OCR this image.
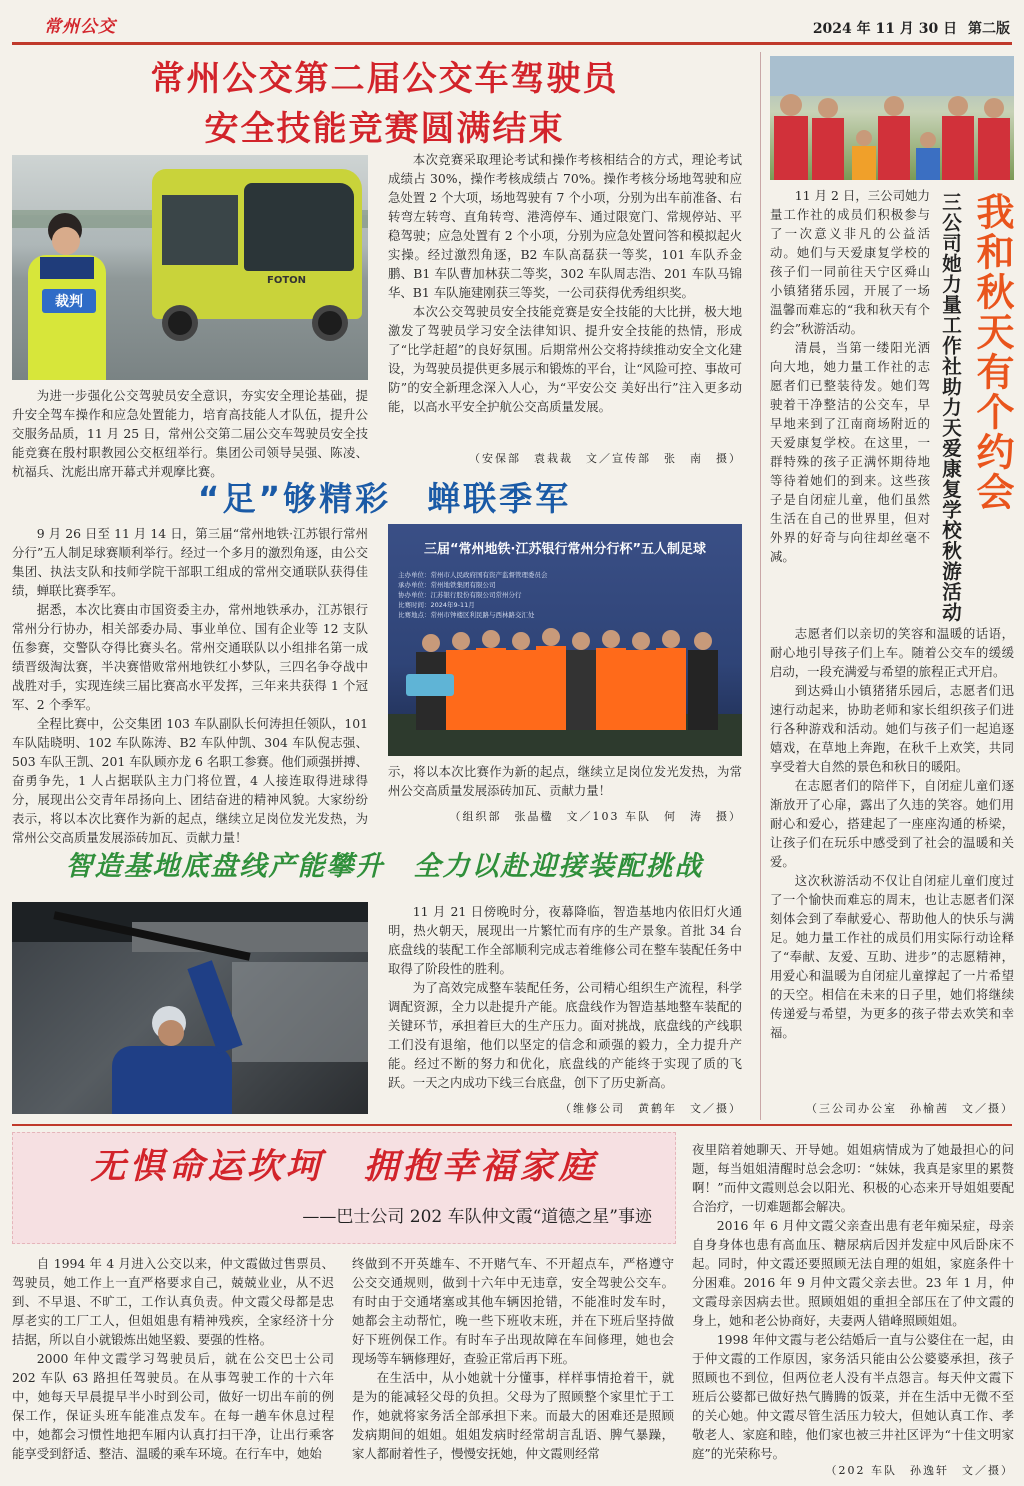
常州公交	2024 年 11 月 30 日 第二版
常州公交第二届公交车驾驶员
安全技能竞赛圆满结束
FOTON
裁判
为进一步强化公交驾驶员安全意识，夯实安全理论基础，提升安全驾车操作和应急处置能力，培育高技能人才队伍，提升公交服务品质，11 月 25 日，常州公交第二届公交车驾驶员安全技能竞赛在殷村职教园公交枢纽举行。集团公司领导吴强、陈凌、杭福兵、沈彪出席开幕式并观摩比赛。
本次竞赛采取理论考试和操作考核相结合的方式，理论考试成绩占 30%，操作考核成绩占 70%。操作考核分场地驾驶和应急处置 2 个大项，场地驾驶有 7 个小项，分别为出车前准备、右转弯左转弯、直角转弯、港湾停车、通过限宽门、常规停站、平稳驾驶；应急处置有 2 个小项，分别为应急处置问答和模拟起火实操。经过激烈角逐，B2 车队高磊获一等奖，101 车队乔金鹏、B1 车队曹加林获二等奖，302 车队周志浩、201 车队马锦华、B1 车队施建刚获三等奖，一公司获得优秀组织奖。
本次公交驾驶员安全技能竞赛是安全技能的大比拼，极大地激发了驾驶员学习安全法律知识、提升安全技能的热情，形成了“比学赶超”的良好氛围。后期常州公交将持续推动安全文化建设，为驾驶员提供更多展示和锻炼的平台，让“风险可控、事故可防”的安全新理念深入人心，为“平安公交 美好出行”注入更多动能，以高水平安全护航公交高质量发展。
（安保部　袁栽裁　文／宣传部　张　南　摄）
“足”够精彩　蝉联季军
9 月 26 日至 11 月 14 日，第三届“常州地铁·江苏银行常州分行”五人制足球赛顺利举行。经过一个多月的激烈角逐，由公交集团、执法支队和技师学院干部职工组成的常州交通联队获得佳绩，蝉联比赛季军。
据悉，本次比赛由市国资委主办，常州地铁承办，江苏银行常州分行协办，相关部委办局、事业单位、国有企业等 12 支队伍参赛，交警队夺得比赛头名。常州交通联队以小组排名第一成绩晋级淘汰赛，半决赛惜败常州地铁红小梦队，三四名争夺战中战胜对手，实现连续三届比赛高水平发挥，三年来共获得 1 个冠军、2 个季军。
全程比赛中，公交集团 103 车队副队长何涛担任领队，101 车队陆晓明、102 车队陈涛、B2 车队仲凯、304 车队倪志强、503 车队王凯、201 车队顾亦龙 6 名职工参赛。他们顽强拼搏、奋勇争先，1 人占据联队主力门将位置，4 人接连取得进球得分，展现出公交青年昂扬向上、团结奋进的精神风貌。大家纷纷表示，将以本次比赛作为新的起点，继续立足岗位发光发热，为常州公交高质量发展添砖加瓦、贡献力量！
三届“常州地铁·江苏银行常州分行杯”五人制足球
主办单位：常州市人民政府国有资产监督管理委员会
承办单位：常州地铁集团有限公司
协办单位：江苏银行股份有限公司常州分行
比赛时间：2024年9-11月
比赛地点：常州市钟楼区利民路与西林路交汇处
示，将以本次比赛作为新的起点，继续立足岗位发光发热，为常州公交高质量发展添砖加瓦、贡献力量！
（组织部　张晶楹　文／103 车队　何　涛　摄）
智造基地底盘线产能攀升　全力以赴迎接装配挑战
11 月 21 日傍晚时分，夜幕降临，智造基地内依旧灯火通明，热火朝天，展现出一片繁忙而有序的生产景象。首批 34 台底盘线的装配工作全部顺利完成志着维修公司在整车装配任务中取得了阶段性的胜利。
为了高效完成整车装配任务，公司精心组织生产流程，科学调配资源，全力以赴提升产能。底盘线作为智造基地整车装配的关键环节，承担着巨大的生产压力。面对挑战，底盘线的产线职工们没有退缩，他们以坚定的信念和顽强的毅力，全力提升产能。经过不断的努力和优化，底盘线的产能终于实现了质的飞跃。一天之内成功下线三台底盘，创下了历史新高。
（维修公司　黄鹤年　文／摄）
我和秋天有个约会
三公司她力量工作社助力天爱康复学校秋游活动
11 月 2 日，三公司她力量工作社的成员们积极参与了一次意义非凡的公益活动。她们与天爱康复学校的孩子们一同前往天宁区舜山小镇猪猪乐园，开展了一场温馨而难忘的“我和秋天有个约会”秋游活动。
清晨，当第一缕阳光洒向大地，她力量工作社的志愿者们已整装待发。她们驾驶着干净整洁的公交车，早早地来到了江南商场附近的天爱康复学校。在这里，一群特殊的孩子正满怀期待地等待着她们的到来。这些孩子是自闭症儿童，他们虽然生活在自己的世界里，但对外界的好奇与向往却丝毫不减。
志愿者们以亲切的笑容和温暖的话语，耐心地引导孩子们上车。随着公交车的缓缓启动，一段充满爱与希望的旅程正式开启。
到达舜山小镇猪猪乐园后，志愿者们迅速行动起来，协助老师和家长组织孩子们进行各种游戏和活动。她们与孩子们一起追逐嬉戏，在草地上奔跑，在秋千上欢笑，共同享受着大自然的景色和秋日的暖阳。
在志愿者们的陪伴下，自闭症儿童们逐渐放开了心扉，露出了久违的笑容。她们用耐心和爱心，搭建起了一座座沟通的桥梁，让孩子们在玩乐中感受到了社会的温暖和关爱。
这次秋游活动不仅让自闭症儿童们度过了一个愉快而难忘的周末，也让志愿者们深刻体会到了奉献爱心、帮助他人的快乐与满足。她力量工作社的成员们用实际行动诠释了“奉献、友爱、互助、进步”的志愿精神，用爱心和温暖为自闭症儿童撑起了一片希望的天空。相信在未来的日子里，她们将继续传递爱与希望，为更多的孩子带去欢笑和幸福。
（三公司办公室　孙榆茜　文／摄）
无惧命运坎坷　拥抱幸福家庭
——巴士公司 202 车队仲文霞“道德之星”事迹
自 1994 年 4 月进入公交以来，仲文霞做过售票员、驾驶员，她工作上一直严格要求自己，兢兢业业，从不迟到、不早退、不旷工，工作认真负责。仲文霞父母都是忠厚老实的工厂工人，但姐姐患有精神残疾，全家经济十分拮据，所以自小就锻炼出她坚毅、要强的性格。
2000 年仲文霞学习驾驶员后，就在公交巴士公司 202 车队 63 路担任驾驶员。在从事驾驶工作的十六年中，她每天早晨提早半小时到公司，做好一切出车前的例保工作，保证头班车能准点发车。在每一趟车休息过程中，她都会习惯性地把车厢内认真打扫干净，让出行乘客能享受到舒适、整洁、温暖的乘车环境。在行车中，她始
终做到不开英雄车、不开赌气车、不开超点车，严格遵守公交交通规则，做到十六年中无违章，安全驾驶公交车。有时由于交通堵塞或其他车辆因抢错，不能准时发车时，她都会主动帮忙，晚一些下班收末班，并在下班后坚持做好下班例保工作。有时车子出现故障在车间修理，她也会现场等车辆修理好，查验正常后再下班。
在生活中，从小她就十分懂事，样样事情抢着干，就是为的能减轻父母的负担。父母为了照顾整个家里忙于工作，她就将家务活全部承担下来。而最大的困难还是照顾发病期间的姐姐。姐姐发病时经常胡言乱语、脾气暴躁，家人都耐着性子，慢慢安抚她，仲文霞则经常
夜里陪着她聊天、开导她。姐姐病情成为了她最担心的问题，每当姐姐清醒时总会念叨：“妹妹，我真是家里的累赘啊！”而仲文霞则总会以阳光、积极的心态来开导姐姐要配合治疗，一切难题都会解决。
2016 年 6 月仲文霞父亲查出患有老年痴呆症，母亲自身身体也患有高血压、糖尿病后因并发症中风后卧床不起。同时，仲文霞还要照顾无法自理的姐姐，家庭条件十分困难。2016 年 9 月仲文霞父亲去世。23 年 1 月，仲文霞母亲因病去世。照顾姐姐的重担全部压在了仲文霞的身上，她和老公协商好，夫妻两人错峰照顾姐姐。
1998 年仲文霞与老公结婚后一直与公婆住在一起，由于仲文霞的工作原因，家务活只能由公公婆婆承担，孩子照顾也不到位，但两位老人没有半点怨言。每天仲文霞下班后公婆都已做好热气腾腾的饭菜，并在生活中无微不至的关心她。仲文霞尽管生活压力较大，但她认真工作、孝敬老人、家庭和睦，他们家也被三井社区评为“十佳文明家庭”的光荣称号。
（202 车队　孙逸轩　文／摄）
